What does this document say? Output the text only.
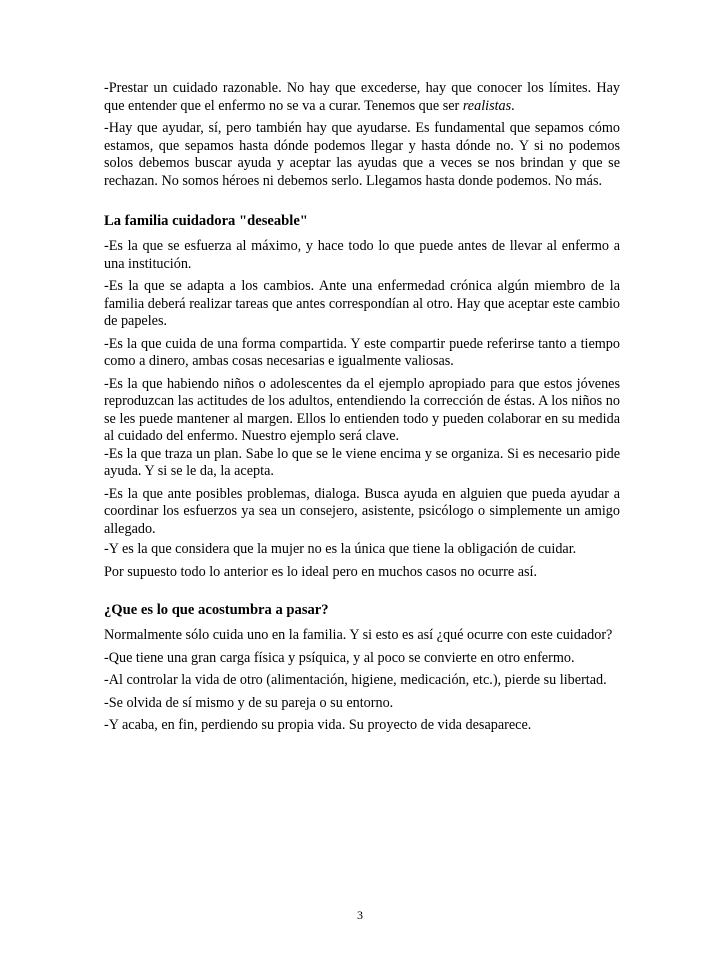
-Prestar un cuidado razonable. No hay que excederse, hay que conocer los límites. Hay que entender que el enfermo no se va a curar. Tenemos que ser realistas.

-Hay que ayudar, sí, pero también hay que ayudarse. Es fundamental que sepamos cómo estamos, que sepamos hasta dónde podemos llegar y hasta dónde no. Y si no podemos solos debemos buscar ayuda y aceptar las ayudas que a veces se nos brindan y que se rechazan. No somos héroes ni debemos serlo. Llegamos hasta donde podemos. No más.

La familia cuidadora "deseable"

-Es la que se esfuerza al máximo, y hace todo lo que puede antes de llevar al enfermo a una institución.

-Es la que se adapta a los cambios. Ante una enfermedad crónica algún miembro de la familia deberá realizar tareas que antes correspondían al otro. Hay que aceptar este cambio de papeles.

-Es la que cuida de una forma compartida. Y este compartir puede referirse tanto a tiempo como a dinero, ambas cosas necesarias e igualmente valiosas.

-Es la que habiendo niños o adolescentes da el ejemplo apropiado para que estos jóvenes reproduzcan las actitudes de los adultos, entendiendo la corrección de éstas. A los niños no se les puede mantener al margen. Ellos lo entienden todo y pueden colaborar en su medida al cuidado del enfermo. Nuestro ejemplo será clave.

-Es la que traza un plan. Sabe lo que se le viene encima y se organiza. Si es necesario pide ayuda. Y si se le da, la acepta.

-Es la que ante posibles problemas, dialoga. Busca ayuda en alguien que pueda ayudar a coordinar los esfuerzos ya sea un consejero, asistente, psicólogo o simplemente un amigo allegado.

-Y es la que considera que la mujer no es la única que tiene la obligación de cuidar.

Por supuesto todo lo anterior es lo ideal pero en muchos casos no ocurre así.

¿Que es lo que acostumbra a pasar?

Normalmente sólo cuida uno en la familia. Y si esto es así ¿qué ocurre con este cuidador?

-Que tiene una gran carga física y psíquica, y al poco se convierte en otro enfermo.

-Al controlar la vida de otro (alimentación, higiene, medicación, etc.), pierde su libertad.

-Se olvida de sí mismo y de su pareja o su entorno.

-Y acaba, en fin, perdiendo su propia vida. Su proyecto de vida desaparece.

3
